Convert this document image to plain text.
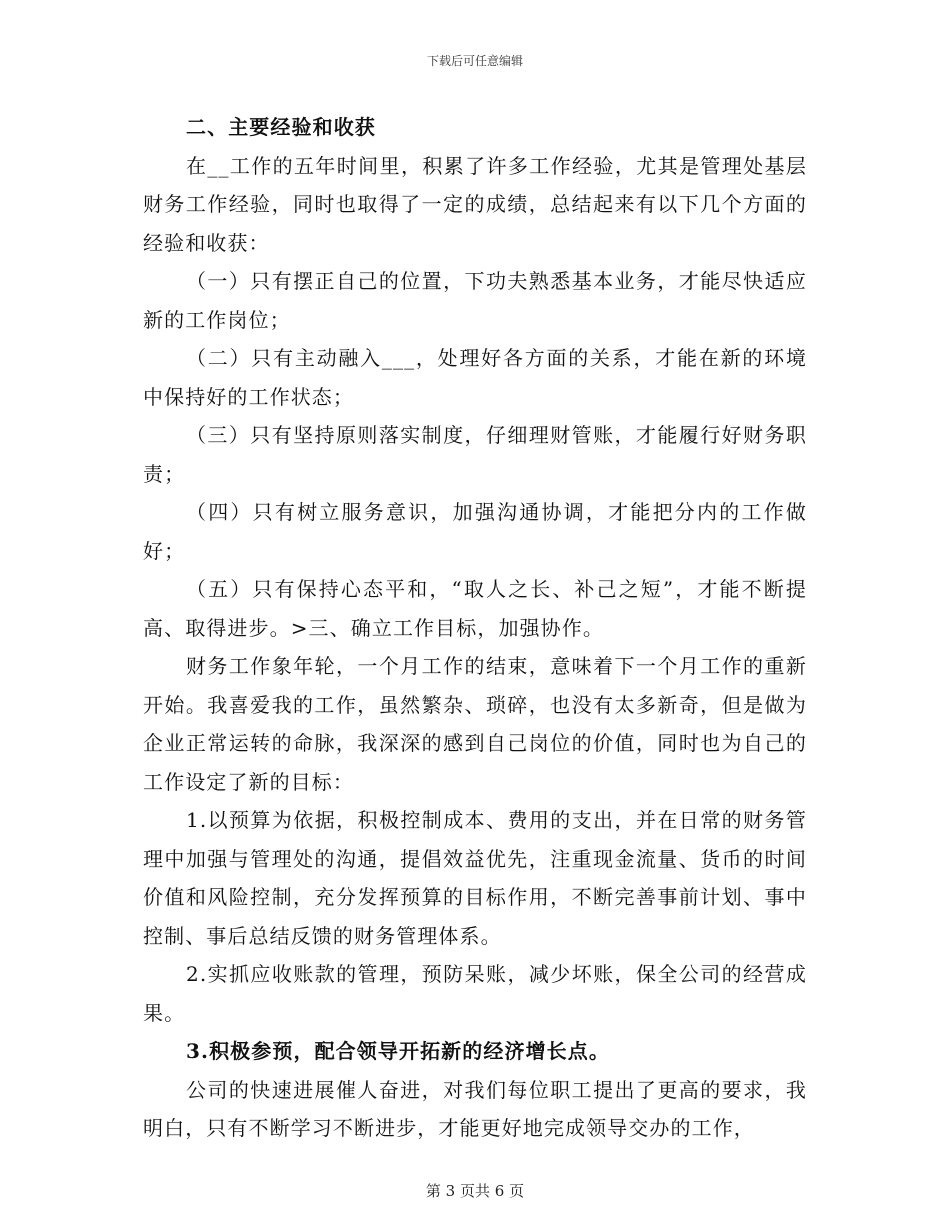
下载后可任意编辑

二、主要经验和收获

在__工作的五年时间里，积累了许多工作经验，尤其是管理处基层财务工作经验，同时也取得了一定的成绩，总结起来有以下几个方面的经验和收获：

（一）只有摆正自己的位置，下功夫熟悉基本业务，才能尽快适应新的工作岗位；

（二）只有主动融入___，处理好各方面的关系，才能在新的环境中保持好的工作状态；

（三）只有坚持原则落实制度，仔细理财管账，才能履行好财务职责；

（四）只有树立服务意识，加强沟通协调，才能把分内的工作做好；

（五）只有保持心态平和，“取人之长、补己之短”，才能不断提高、取得进步。>三、确立工作目标，加强协作。

财务工作象年轮，一个月工作的结束，意味着下一个月工作的重新开始。我喜爱我的工作，虽然繁杂、琐碎，也没有太多新奇，但是做为企业正常运转的命脉，我深深的感到自己岗位的价值，同时也为自己的工作设定了新的目标：

1.以预算为依据，积极控制成本、费用的支出，并在日常的财务管理中加强与管理处的沟通，提倡效益优先，注重现金流量、货币的时间价值和风险控制，充分发挥预算的目标作用，不断完善事前计划、事中控制、事后总结反馈的财务管理体系。

2.实抓应收账款的管理，预防呆账，减少坏账，保全公司的经营成果。

3.积极参预，配合领导开拓新的经济增长点。

公司的快速进展催人奋进，对我们每位职工提出了更高的要求，我明白，只有不断学习不断进步，才能更好地完成领导交办的工作，

第 3 页共 6 页
